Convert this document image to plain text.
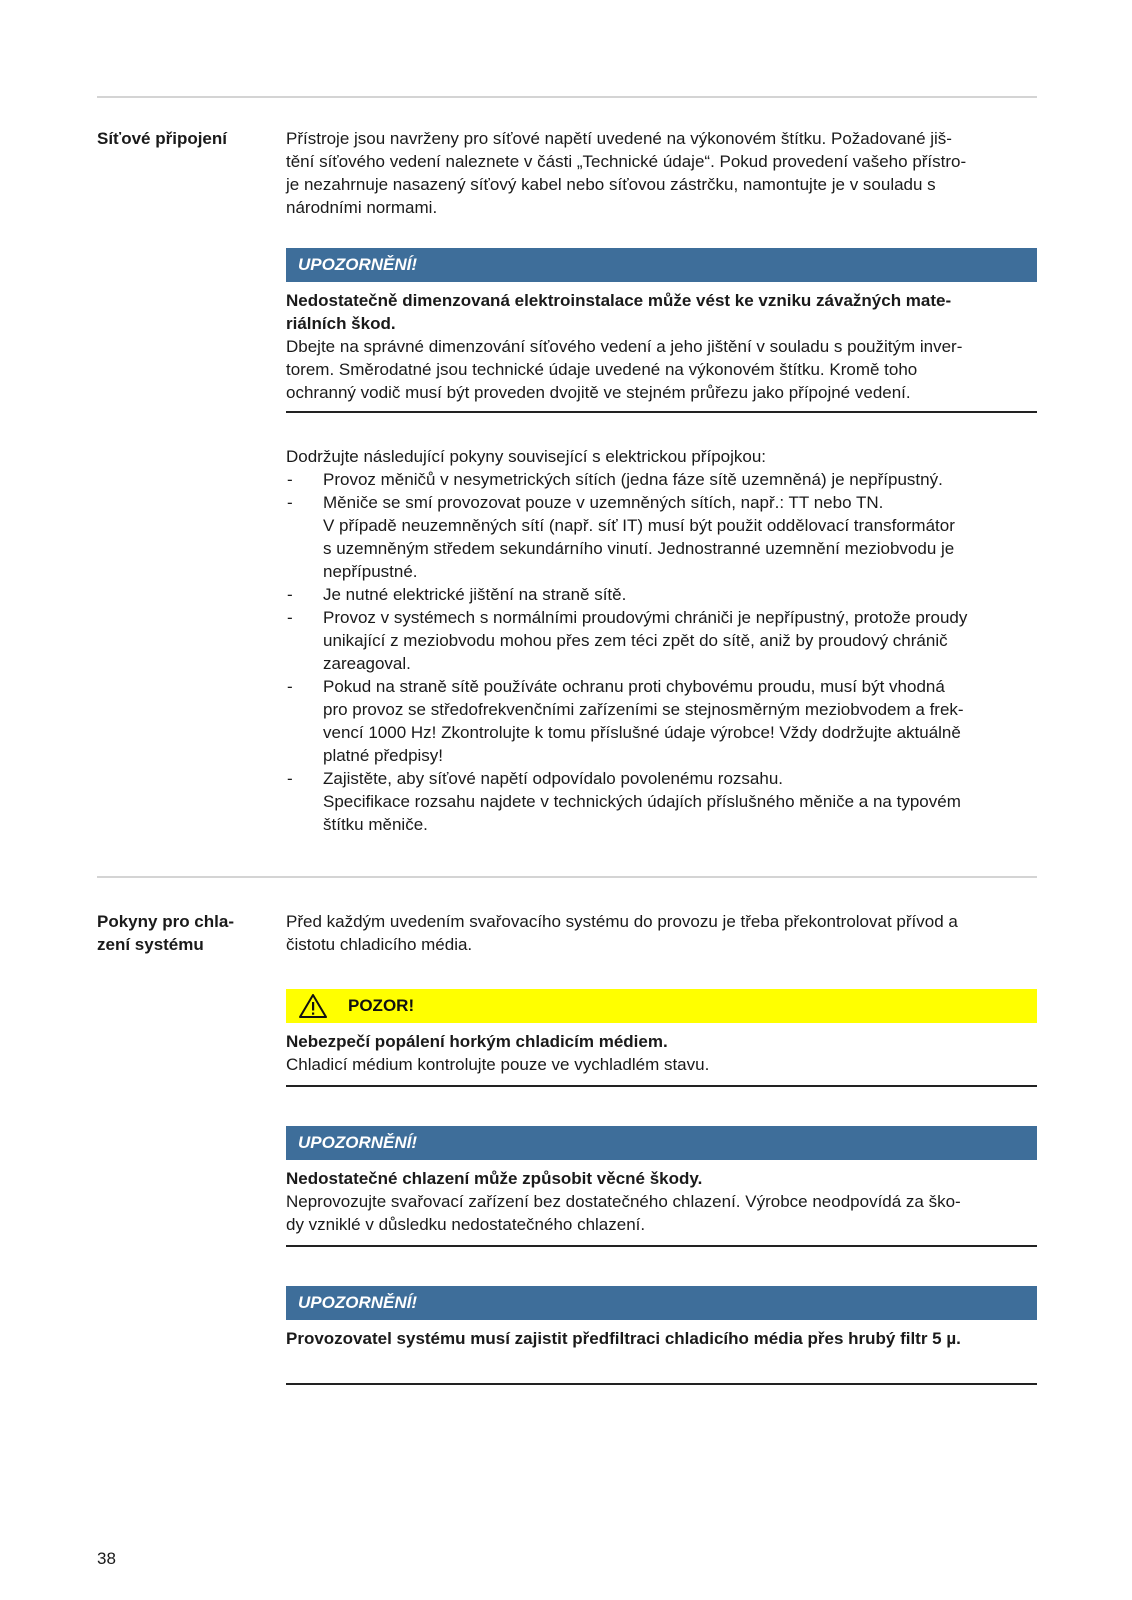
Síťové připojení	Přístroje jsou navrženy pro síťové napětí uvedené na výkonovém štítku. Požadované jiš-
tění síťového vedení naleznete v části „Technické údaje“. Pokud provedení vašeho přístro-
je nezahrnuje nasazený síťový kabel nebo síťovou zástrčku, namontujte je v souladu s
národními normami.

UPOZORNĚNÍ!

Nedostatečně dimenzovaná elektroinstalace může vést ke vzniku závažných mate-
riálních škod.

Dbejte na správné dimenzování síťového vedení a jeho jištění v souladu s použitým inver-
torem. Směrodatné jsou technické údaje uvedené na výkonovém štítku. Kromě toho
ochranný vodič musí být proveden dvojitě ve stejném průřezu jako přípojné vedení.

Dodržujte následující pokyny související s elektrickou přípojkou:

- Provoz měničů v nesymetrických sítích (jedna fáze sítě uzemněná) je nepřípustný.
- Měniče se smí provozovat pouze v uzemněných sítích, např.: TT nebo TN.
V případě neuzemněných sítí (např. síť IT) musí být použit oddělovací transformátor
s uzemněným středem sekundárního vinutí. Jednostranné uzemnění meziobvodu je
nepřípustné.
- Je nutné elektrické jištění na straně sítě.
- Provoz v systémech s normálními proudovými chrániči je nepřípustný, protože proudy
unikající z meziobvodu mohou přes zem téci zpět do sítě, aniž by proudový chránič
zareagoval.
- Pokud na straně sítě používáte ochranu proti chybovému proudu, musí být vhodná
pro provoz se středofrekvenčními zařízeními se stejnosměrným meziobvodem a frek-
vencí 1000 Hz! Zkontrolujte k tomu příslušné údaje výrobce! Vždy dodržujte aktuálně
platné předpisy!
- Zajistěte, aby síťové napětí odpovídalo povolenému rozsahu.
Specifikace rozsahu najdete v technických údajích příslušného měniče a na typovém
štítku měniče.
Pokyny pro chla-
zení systému

Před každým uvedením svařovacího systému do provozu je třeba překontrolovat přívod a
čistotu chladicího média.

POZOR!

Nebezpečí popálení horkým chladicím médiem.

Chladicí médium kontrolujte pouze ve vychladlém stavu.

UPOZORNĚNÍ!

Nedostatečné chlazení může způsobit věcné škody.

Neprovozujte svařovací zařízení bez dostatečného chlazení. Výrobce neodpovídá za ško-
dy vzniklé v důsledku nedostatečného chlazení.

UPOZORNĚNÍ!

Provozovatel systému musí zajistit předfiltraci chladicího média přes hrubý filtr 5 µ.

38
